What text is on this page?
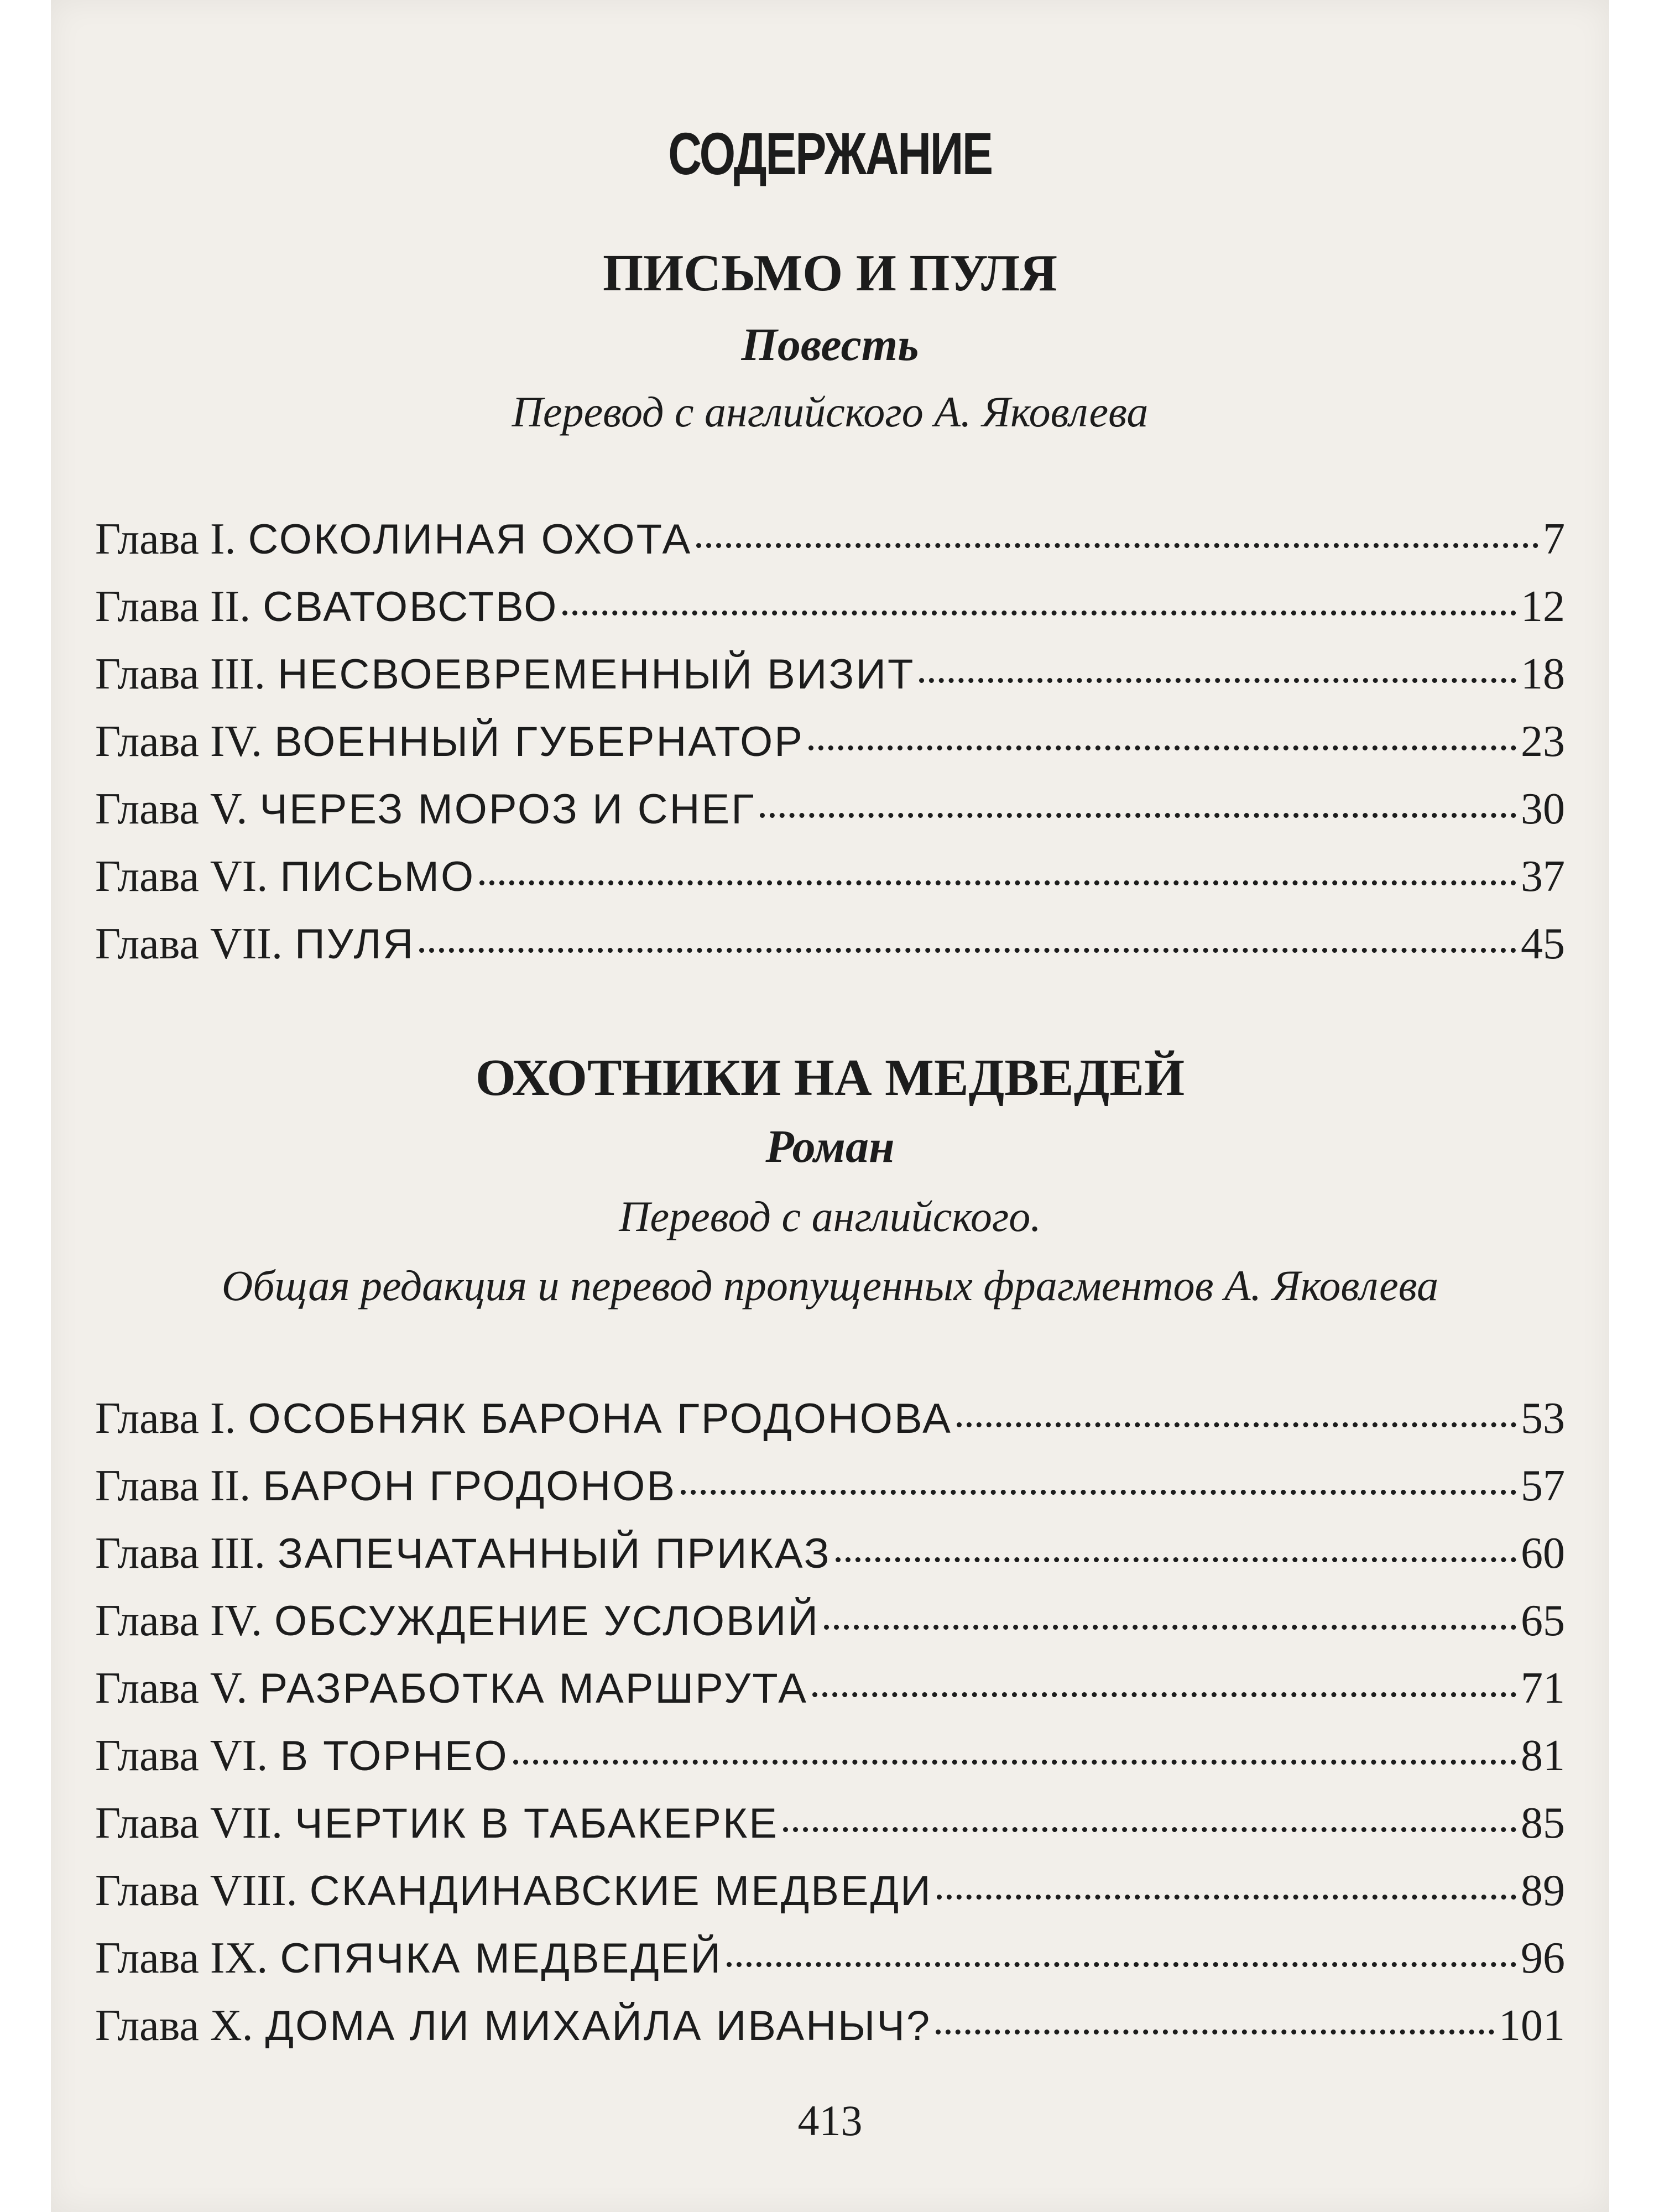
СОДЕРЖАНИЕ
ПИСЬМО И ПУЛЯ
Повесть
Перевод с английского А. Яковлева
Глава I. СОКОЛИНАЯ ОХОТА	7
Глава II. СВАТОВСТВО	12
Глава III. НЕСВОЕВРЕМЕННЫЙ ВИЗИТ	18
Глава IV. ВОЕННЫЙ ГУБЕРНАТОР	23
Глава V. ЧЕРЕЗ МОРОЗ И СНЕГ	30
Глава VI. ПИСЬМО	37
Глава VII. ПУЛЯ	45
ОХОТНИКИ НА МЕДВЕДЕЙ
Роман
Перевод с английского.
Общая редакция и перевод пропущенных фрагментов А. Яковлева
Глава I. ОСОБНЯК БАРОНА ГРОДОНОВА	53
Глава II. БАРОН ГРОДОНОВ	57
Глава III. ЗАПЕЧАТАННЫЙ ПРИКАЗ	60
Глава IV. ОБСУЖДЕНИЕ УСЛОВИЙ	65
Глава V. РАЗРАБОТКА МАРШРУТА	71
Глава VI. В ТОРНЕО	81
Глава VII. ЧЕРТИК В ТАБАКЕРКЕ	85
Глава VIII. СКАНДИНАВСКИЕ МЕДВЕДИ	89
Глава IX. СПЯЧКА МЕДВЕДЕЙ	96
Глава X. ДОМА ЛИ МИХАЙЛА ИВАНЫЧ?	101
413
